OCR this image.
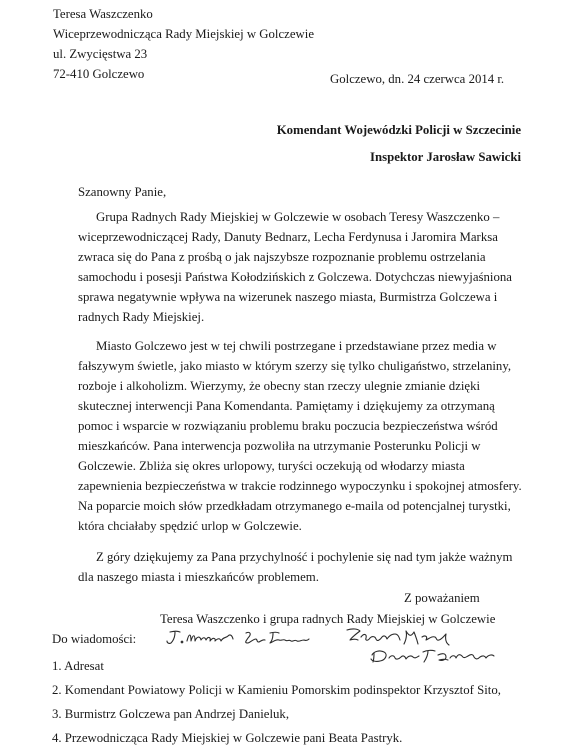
Teresa Waszczenko
Wiceprzewodnicząca Rady Miejskiej w Golczewie
ul. Zwycięstwa 23
72-410 Golczewo	Golczewo, dn. 24 czerwca 2014 r.
Komendant Wojewódzki Policji w Szczecinie
Inspektor Jarosław Sawicki
Szanowny Panie,
Grupa Radnych Rady Miejskiej w Golczewie w osobach Teresy Waszczenko –
wiceprzewodniczącej Rady, Danuty Bednarz, Lecha Ferdynusa i Jaromira Marksa
zwraca się do Pana z prośbą o jak najszybsze rozpoznanie problemu ostrzelania
samochodu i posesji Państwa Kołodzińskich z Golczewa. Dotychczas niewyjaśniona
sprawa negatywnie wpływa na wizerunek naszego miasta, Burmistrza Golczewa i
radnych Rady Miejskiej.
Miasto Golczewo jest w tej chwili postrzegane i przedstawiane przez media w
fałszywym świetle, jako miasto w którym szerzy się tylko chuligaństwo, strzelaniny,
rozboje i alkoholizm. Wierzymy, że obecny stan rzeczy ulegnie zmianie dzięki
skutecznej interwencji Pana Komendanta. Pamiętamy i dziękujemy za otrzymaną
pomoc i wsparcie w rozwiązaniu problemu braku poczucia bezpieczeństwa wśród
mieszkańców. Pana interwencja pozwoliła na utrzymanie Posterunku Policji w
Golczewie. Zbliża się okres urlopowy, turyści oczekują od włodarzy miasta
zapewnienia bezpieczeństwa w trakcie rodzinnego wypoczynku i spokojnej atmosfery.
Na poparcie moich słów przedkładam otrzymanego e-maila od potencjalnej turystki,
która chciałaby spędzić urlop w Golczewie.
Z góry dziękujemy za Pana przychylność i pochylenie się nad tym jakże ważnym
dla naszego miasta i mieszkańców problemem.
Z poważaniem
Teresa Waszczenko i grupa radnych Rady Miejskiej w Golczewie
Do wiadomości:
1. Adresat
2. Komendant Powiatowy Policji w Kamieniu Pomorskim podinspektor Krzysztof Sito,
3. Burmistrz Golczewa pan Andrzej Danieluk,
4. Przewodnicząca Rady Miejskiej w Golczewie pani Beata Pastryk.
